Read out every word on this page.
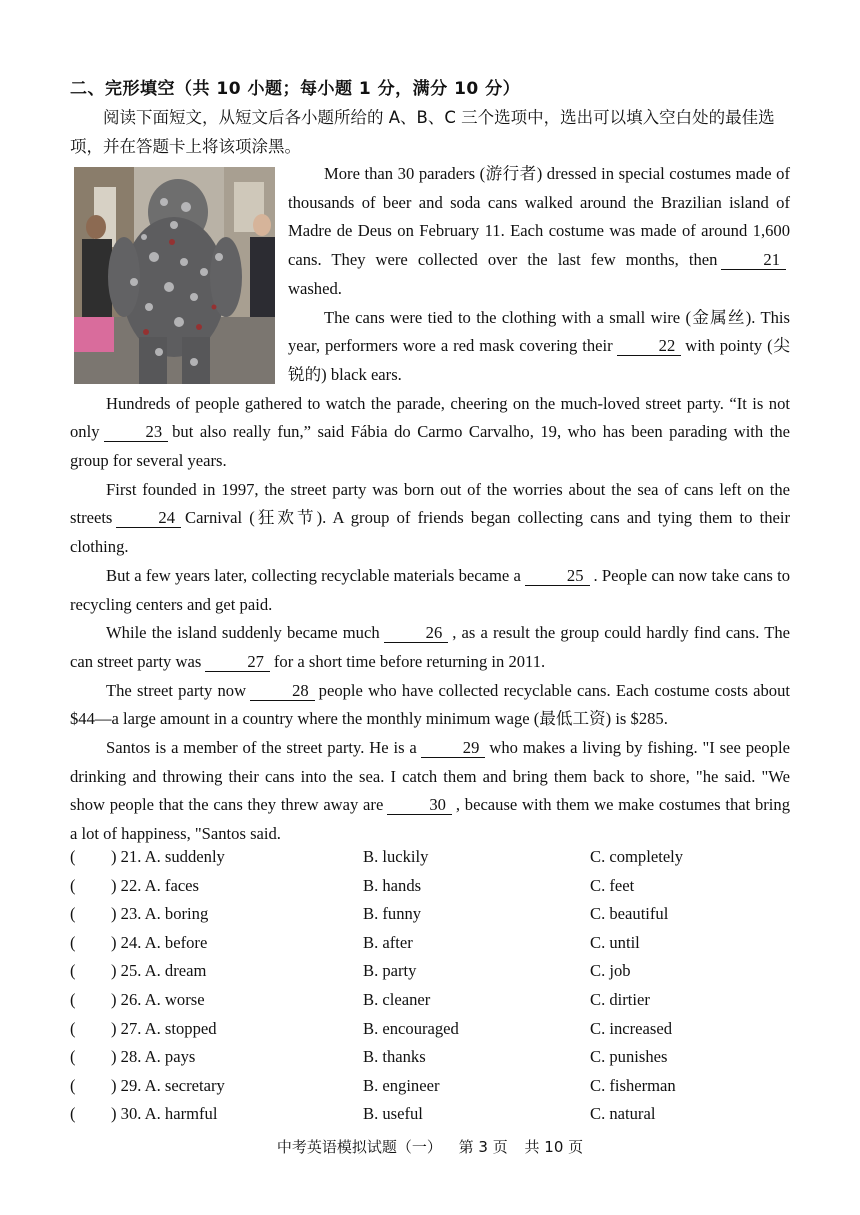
二、完形填空（共 10 小题；每小题 1 分，满分 10 分）
阅读下面短文，从短文后各小题所给的 A、B、C 三个选项中，选出可以填入空白处的最佳选项，并在答题卡上将该项涂黑。

More than 30 paraders (游行者) dressed in special costumes made of thousands of beer and soda cans walked around the Brazilian island of Madre de Deus on February 11. Each costume was made of around 1,600 cans. They were collected over the last few months, then	21washed.

The cans were tied to the clothing with a small wire (金属丝). This year, performers wore a red mask covering their	22 with pointy (尖锐的) black ears.

Hundreds of people gathered to watch the parade, cheering on the much-loved street party. “It is not only	23 but also really fun,” said Fábia do Carmo Carvalho, 19, who has been parading with the group for several years.

First founded in 1997, the street party was born out of the worries about the sea of cans left on the streets	24 Carnival (狂欢节). A group of friends began collecting cans and tying them to their clothing.

But a few years later, collecting recyclable materials became a	25 . People can now take cans to recycling centers and get paid.

While the island suddenly became much	26 , as a result the group could hardly find cans. The can street party was	27 for a short time before returning in 2011.

The street party now	28 people who have collected recyclable cans. Each costume costs about $44—a large amount in a country where the monthly minimum wage (最低工资) is $285.

Santos is a member of the street party. He is a	29 who makes a living by fishing. "I see people drinking and throwing their cans into the sea. I catch them and bring them back to shore, "he said. "We show people that the cans they threw away are	30 , because with them we make costumes that bring a lot of happiness, "Santos said.

( ) 21. A. suddenly	B. luckily	C. completely
( ) 22. A. faces	B. hands	C. feet
( ) 23. A. boring	B. funny	C. beautiful
( ) 24. A. before	B. after	C. until
( ) 25. A. dream	B. party	C. job
( ) 26. A. worse	B. cleaner	C. dirtier
( ) 27. A. stopped	B. encouraged	C. increased
( ) 28. A. pays	B. thanks	C. punishes
( ) 29. A. secretary	B. engineer	C. fisherman
( ) 30. A. harmful	B. useful	C. natural
中考英语模拟试题（一） 第 3 页 共 10 页
